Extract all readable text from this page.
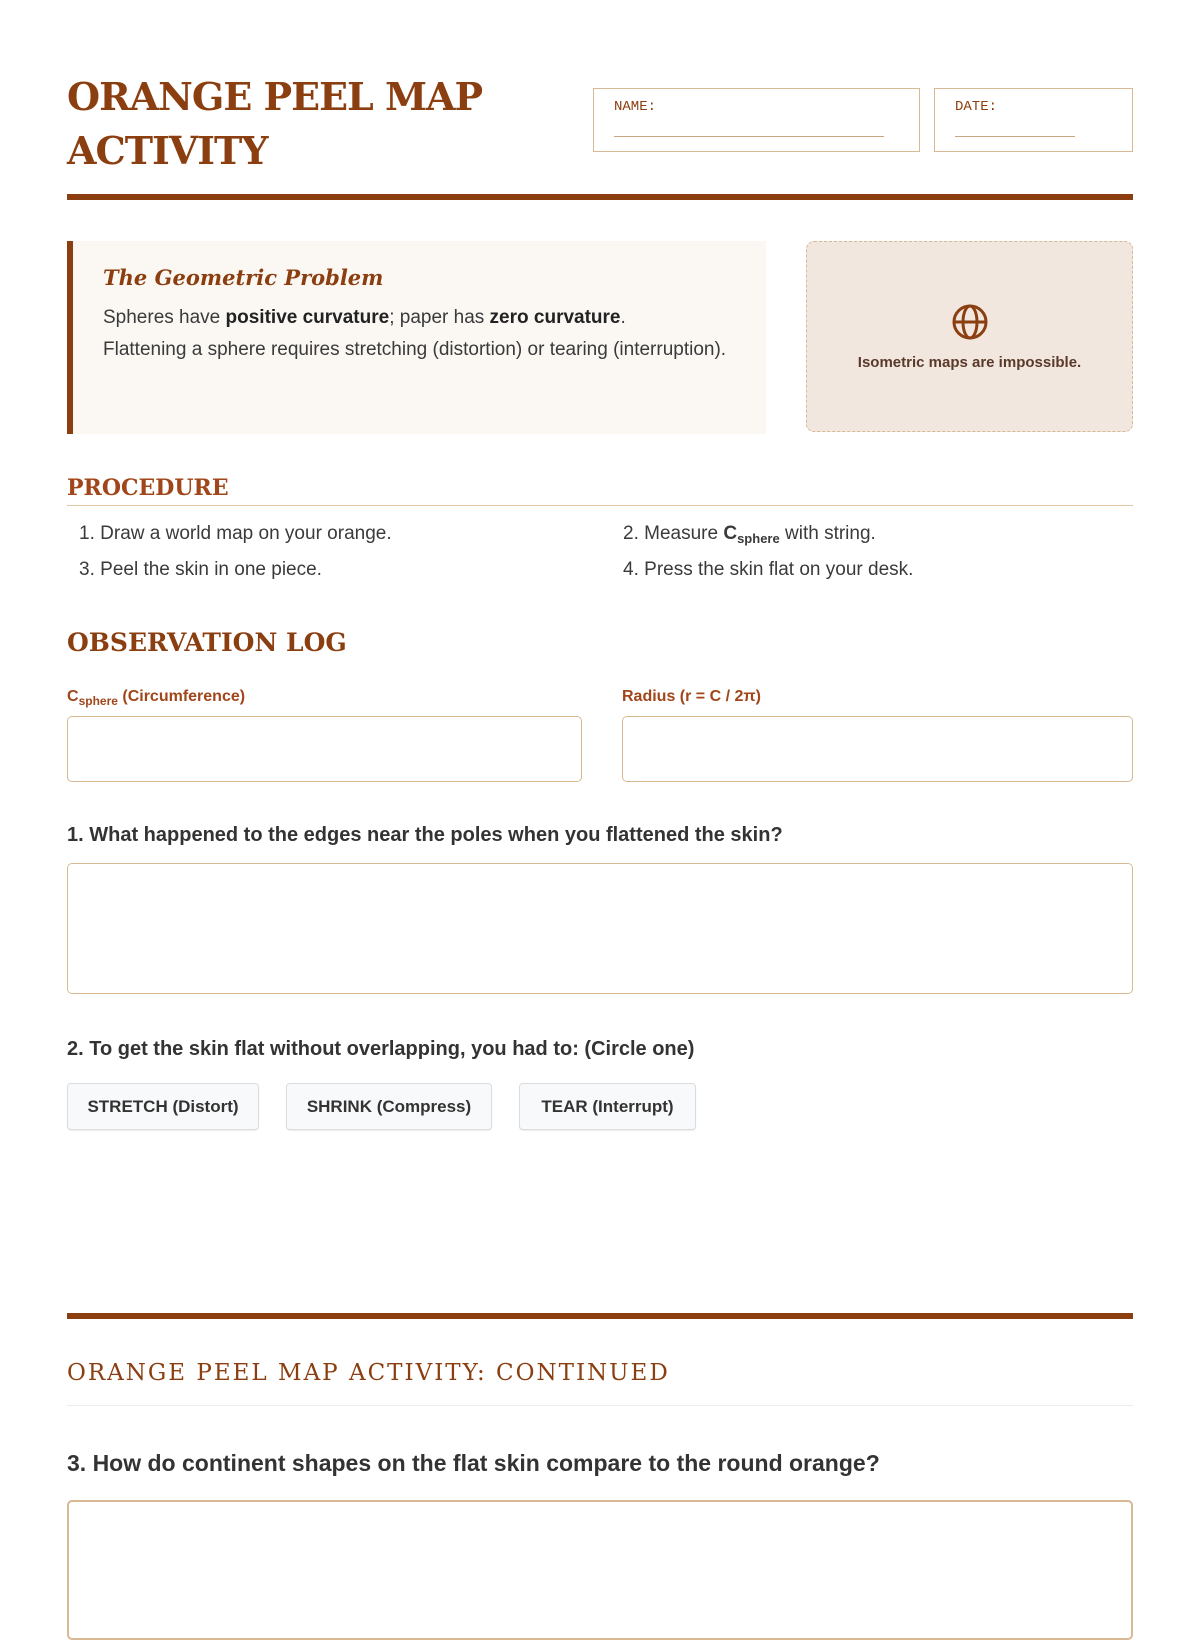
ORANGE PEEL MAP
ACTIVITY
NAME:	DATE:
The Geometric Problem

Spheres have positive curvature; paper has zero curvature.
Flattening a sphere requires stretching (distortion) or tearing (interruption).

Isometric maps are impossible.
PROCEDURE
1. Draw a world map on your orange.	2. Measure $C_{sphere}$ with string.
3. Peel the skin in one piece.	4. Press the skin flat on your desk.
OBSERVATION LOG
$C_{sphere}$ (Circumference)	Radius (r = C / 2π)
1. What happened to the edges near the poles when you flattened the skin?
2. To get the skin flat without overlapping, you had to: (Circle one)
STRETCH (Distort)	SHRINK (Compress)	TEAR (Interrupt)
ORANGE PEEL MAP ACTIVITY: CONTINUED
3. How do continent shapes on the flat skin compare to the round orange?
